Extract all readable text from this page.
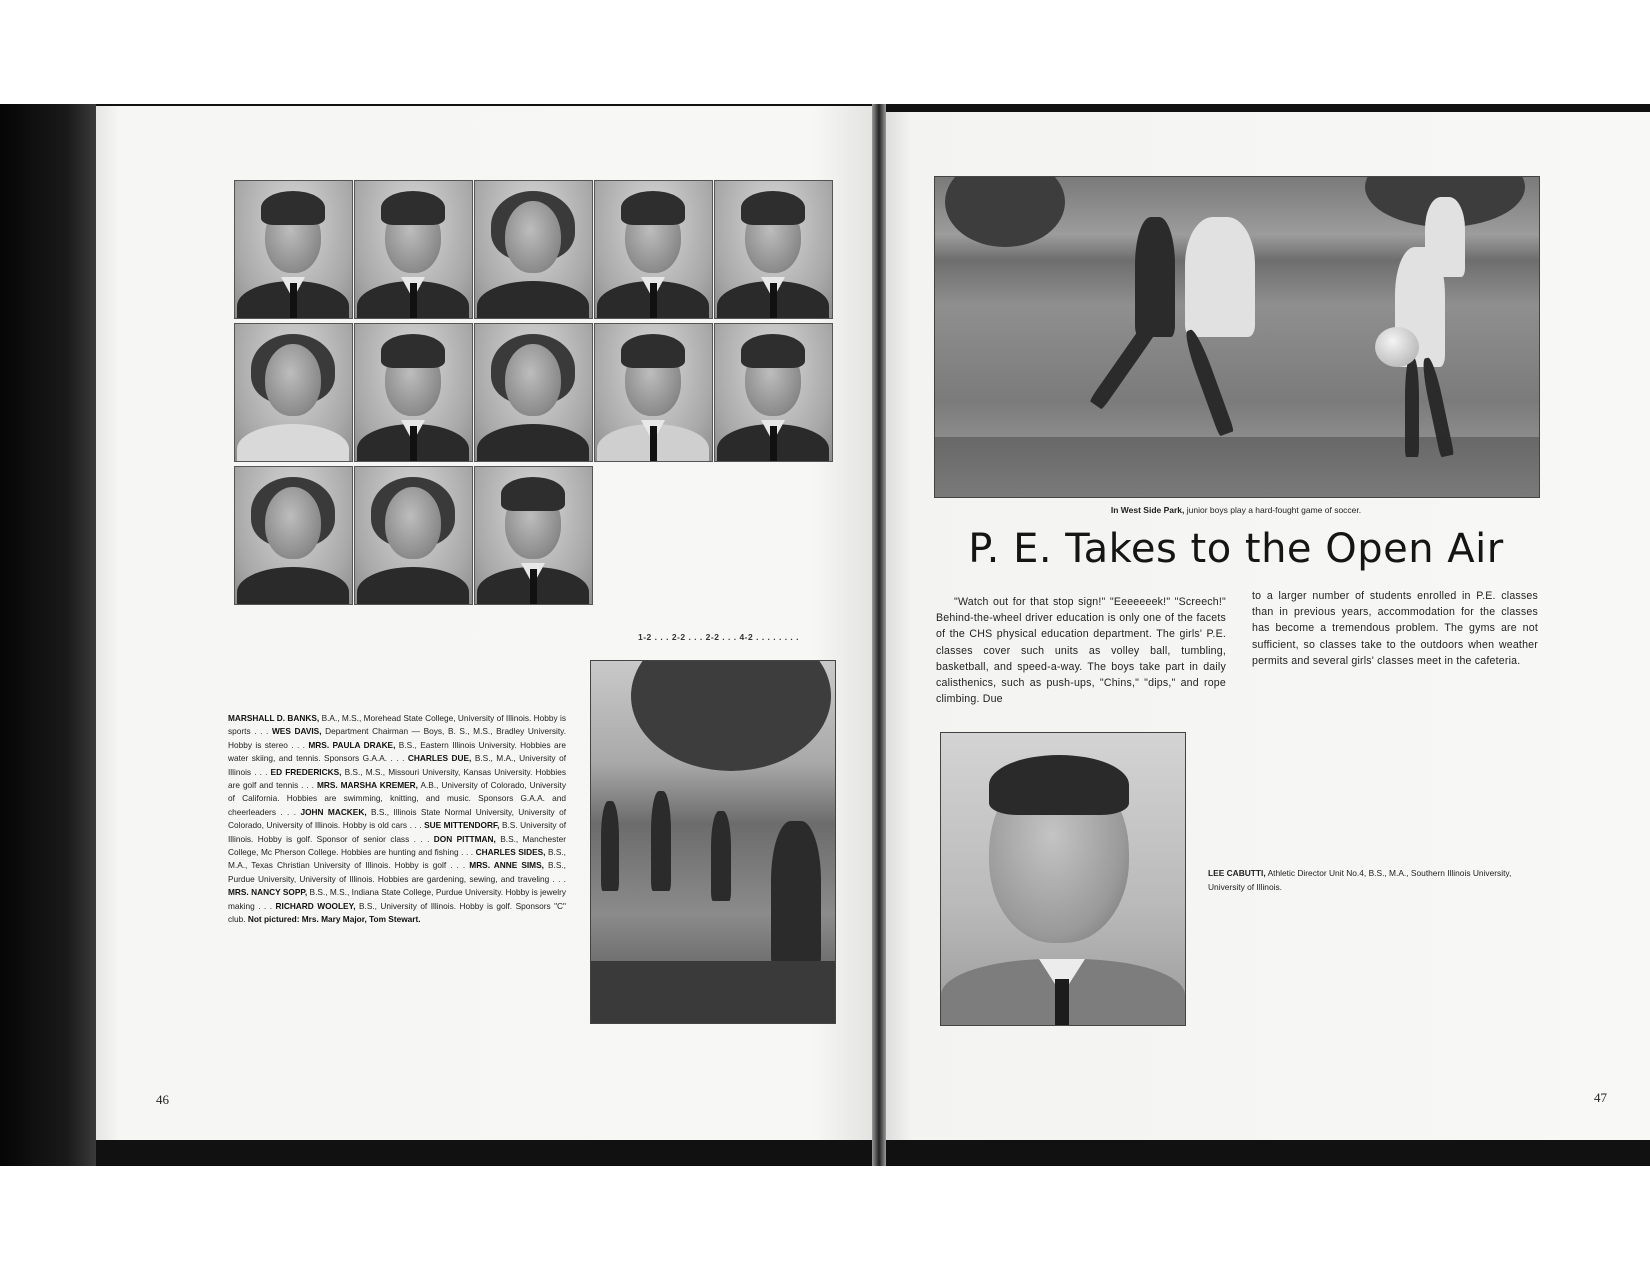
In West Side Park, junior boys play a hard-fought game of soccer.
P. E. Takes to the Open Air
"Watch out for that stop sign!" "Eeeeeeek!" "Screech!" Behind-the-wheel driver education is only one of the facets of the CHS physical education department. The girls' P.E. classes cover such units as volley ball, tumbling, basketball, and speed-a-way. The boys take part in daily calisthenics, such as push-ups, "Chins," "dips," and rope climbing. Due
to a larger number of students enrolled in P.E. classes than in previous years, accommodation for the classes has become a tremendous problem. The gyms are not sufficient, so classes take to the outdoors when weather permits and several girls' classes meet in the cafeteria.
1-2 . . . 2-2 . . . 2-2 . . . 4-2 . . . . . . . .
MARSHALL D. BANKS, B.A., M.S., Morehead State College, University of Illinois. Hobby is sports . . . WES DAVIS, Department Chairman — Boys, B. S., M.S., Bradley University. Hobby is stereo . . . MRS. PAULA DRAKE, B.S., Eastern Illinois University. Hobbies are water skiing, and tennis. Sponsors G.A.A. . . . CHARLES DUE, B.S., M.A., University of Illinois . . . ED FREDERICKS, B.S., M.S., Missouri University, Kansas University. Hobbies are golf and tennis . . . MRS. MARSHA KREMER, A.B., University of Colorado, University of California. Hobbies are swimming, knitting, and music. Sponsors G.A.A. and cheerleaders . . . JOHN MACKEK, B.S., Illinois State Normal University, University of Colorado, University of Illinois. Hobby is old cars . . . SUE MITTENDORF, B.S. University of Illinois. Hobby is golf. Sponsor of senior class . . . DON PITTMAN, B.S., Manchester College, Mc Pherson College. Hobbies are hunting and fishing . . . CHARLES SIDES, B.S., M.A., Texas Christian University of Illinois. Hobby is golf . . . MRS. ANNE SIMS, B.S., Purdue University, University of Illinois. Hobbies are gardening, sewing, and traveling . . . MRS. NANCY SOPP, B.S., M.S., Indiana State College, Purdue University. Hobby is jewelry making . . . RICHARD WOOLEY, B.S., University of Illinois. Hobby is golf. Sponsors "C" club. Not pictured: Mrs. Mary Major, Tom Stewart.
LEE CABUTTI, Athletic Director Unit No.4, B.S., M.A., Southern Illinois University, University of Illinois.
46	47
